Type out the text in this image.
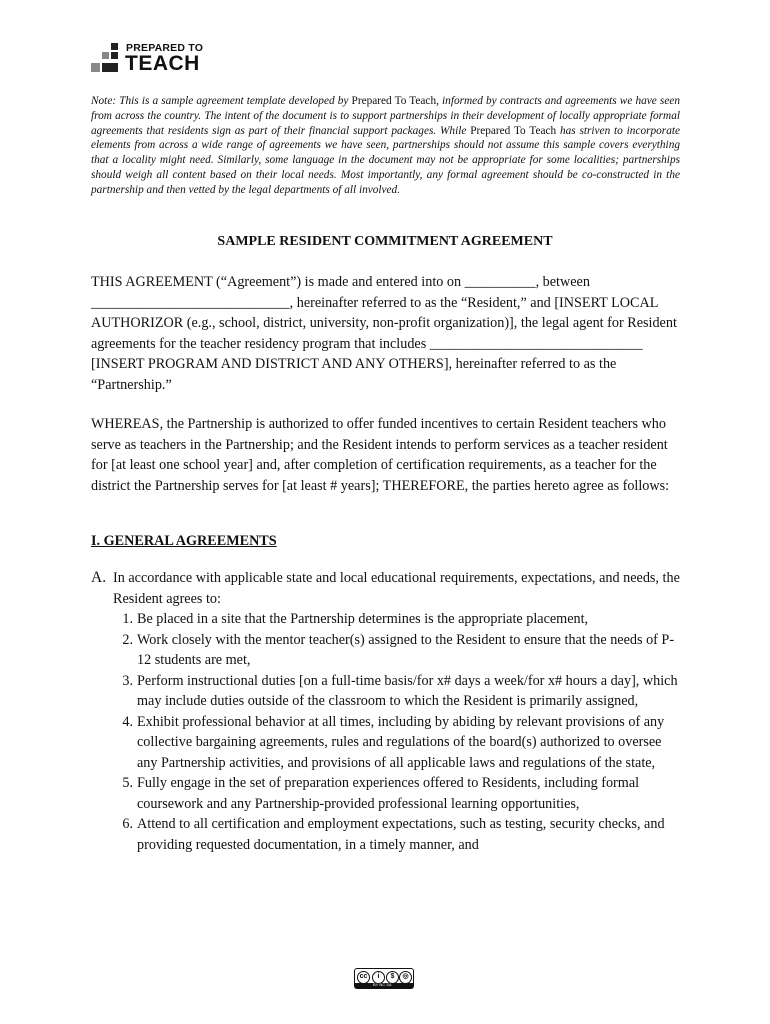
PREPARED TO
TEACH
Note: This is a sample agreement template developed by Prepared To Teach, informed by contracts and agreements we have seen from across the country. The intent of the document is to support partnerships in their development of locally appropriate formal agreements that residents sign as part of their financial support packages. While Prepared To Teach has striven to incorporate elements from across a wide range of agreements we have seen, partnerships should not assume this sample covers everything that a locality might need. Similarly, some language in the document may not be appropriate for some localities; partnerships should weigh all content based on their local needs. Most importantly, any formal agreement should be co-constructed in the partnership and then vetted by the legal departments of all involved.
SAMPLE RESIDENT COMMITMENT AGREEMENT
THIS AGREEMENT (“Agreement”) is made and entered into on __________, between ____________________________, hereinafter referred to as the “Resident,” and [INSERT LOCAL AUTHORIZOR (e.g., school, district, university, non-profit organization)], the legal agent for Resident agreements for the teacher residency program that includes ______________________________ [INSERT PROGRAM AND DISTRICT AND ANY OTHERS], hereinafter referred to as the “Partnership.”
WHEREAS, the Partnership is authorized to offer funded incentives to certain Resident teachers who serve as teachers in the Partnership; and the Resident intends to perform services as a teacher resident for [at least one school year] and, after completion of certification requirements, as a teacher for the district the Partnership serves for [at least # years]; THEREFORE, the parties hereto agree as follows:
I. GENERAL AGREEMENTS
A. In accordance with applicable state and local educational requirements, expectations, and needs, the Resident agrees to:
1. Be placed in a site that the Partnership determines is the appropriate placement,
2. Work closely with the mentor teacher(s) assigned to the Resident to ensure that the needs of P-12 students are met,
3. Perform instructional duties [on a full-time basis/for x# days a week/for x# hours a day], which may include duties outside of the classroom to which the Resident is primarily assigned,
4. Exhibit professional behavior at all times, including by abiding by relevant provisions of any collective bargaining agreements, rules and regulations of the board(s) authorized to oversee any Partnership activities, and provisions of all applicable laws and regulations of the state,
5. Fully engage in the set of preparation experiences offered to Residents, including formal coursework and any Partnership-provided professional learning opportunities,
6. Attend to all certification and employment expectations, such as testing, security checks, and providing requested documentation, in a timely manner, and
cc	i	$	◎
BY NC SA
